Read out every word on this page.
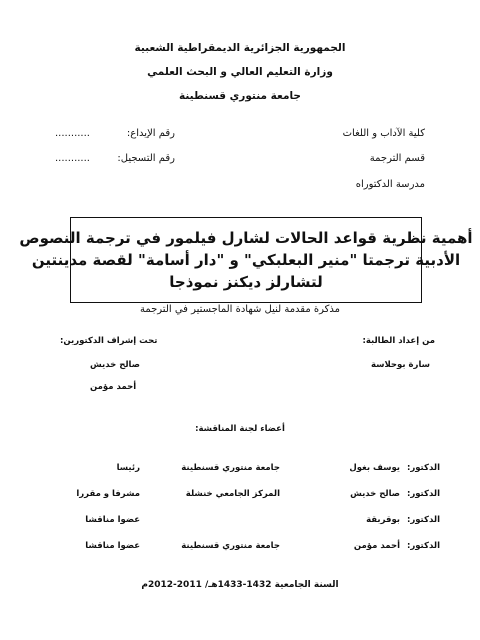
الجمهورية الجزائرية الديمقراطية الشعبية
وزارة التعليم العالي و البحث العلمي
جامعة منتوري قسنطينة
كلية الآداب و اللغات
قسم الترجمة
مدرسة الدكتوراه
رقم الإيداع:
...........
رقم التسجيل:
...........
أهمية نظرية قواعد الحالات لشارل فيلمور في ترجمة النصوص
الأدبية ترجمتا "منير البعلبكي" و "دار أسامة" لقصة مدينتين
لتشارلز ديكنز نموذجا
مذكرة مقدمة لنيل شهادة الماجستير في الترجمة
من إعداد الطالبة:
تحت إشراف الدكتورين:
سارة بوحلاسة
صالح خديش
أحمد مؤمن
أعضاء لجنة المناقشة:
الدكتور:
يوسف بغول
جامعة منتوري قسنطينة
رئيسا
الدكتور:
صالح خديش
المركز الجامعي خنشلة
مشرفا و مقررا
الدكتور:
بوقربقة
عضوا مناقشا
الدكتور:
أحمد مؤمن
جامعة منتوري قسنطينة
عضوا مناقشا
السنة الجامعية 1432-1433هـ/ 2011-2012م
